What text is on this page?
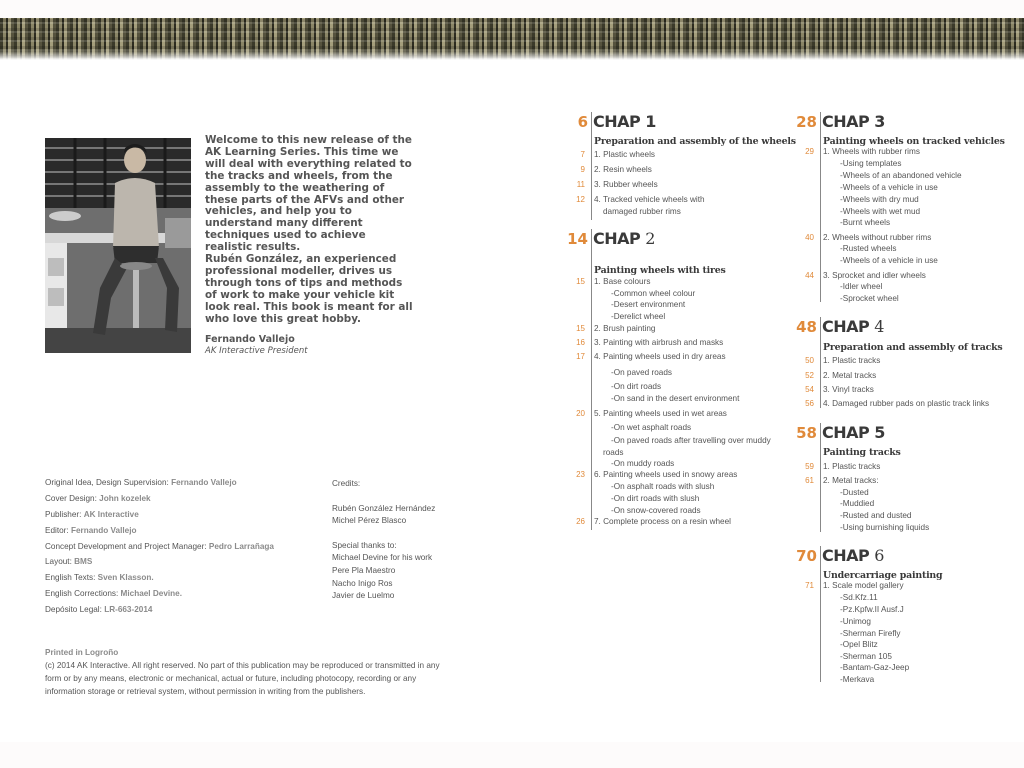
Welcome to this new release of the AK Learning Series. This time we will deal with everything related to the tracks and wheels, from the assembly to the weathering of these parts of the AFVs and other vehicles, and help you to understand many different techniques used to achieve realistic results.

Rubén González, an experienced professional modeller, drives us through tons of tips and methods of work to make your vehicle kit look real. This book is meant for all who love this great hobby.

Fernando Vallejo
AK Interactive President
Original Idea, Design Supervision: Fernando Vallejo
Cover Design: John kozelek
Publisher: AK Interactive
Editor: Fernando Vallejo
Concept Development and Project Manager: Pedro Larrañaga
Layout: BMS
English Texts: Sven Klasson.
English Corrections: Michael Devine.
Depósito Legal: LR-663-2014
Credits:
Rubén González Hernández
Michel Pérez Blasco
Special thanks to:
Michael Devine for his work
Pere Pla Maestro
Nacho Inigo Ros
Javier de Luelmo
Printed in Logroño
(c) 2014 AK Interactive. All right reserved. No part of this publication may be reproduced or transmitted in any form or by any means, electronic or mechanical, actual or future, including photocopy, recording or any information storage or retrieval system, without permission in writing from the publishers.
6 CHAP 1
Preparation and assembly of the wheels
7 1. Plastic wheels
9 2. Resin wheels
11 3. Rubber wheels
12 4. Tracked vehicle wheels with
damaged rubber rims
14 CHAP 2
Painting wheels with tires
15 1. Base colours
-Common wheel colour
-Desert environment
-Derelict wheel
15 2. Brush painting
16 3. Painting with airbrush and masks
17 4. Painting wheels used in dry areas
-On paved roads
-On dirt roads
-On sand in the desert environment
20 5. Painting wheels used in wet areas
-On wet asphalt roads
-On paved roads after travelling over muddy
roads
-On muddy roads
23 6. Painting wheels used in snowy areas
-On asphalt roads with slush
-On dirt roads with slush
-On snow-covered roads
26 7. Complete process on a resin wheel
28 CHAP 3
Painting wheels on tracked vehicles
29 1. Wheels with rubber rims
-Using templates
-Wheels of an abandoned vehicle
-Wheels of a vehicle in use
-Wheels with dry mud
-Wheels with wet mud
-Burnt wheels
40 2. Wheels without rubber rims
-Rusted wheels
-Wheels of a vehicle in use
44 3. Sprocket and idler wheels
-Idler wheel
-Sprocket wheel
48 CHAP 4
Preparation and assembly of tracks
50 1. Plastic tracks
52 2. Metal tracks
54 3. Vinyl tracks
56 4. Damaged rubber pads on plastic track links
58 CHAP 5
Painting tracks
59 1. Plastic tracks
61 2. Metal tracks:
-Dusted
-Muddied
-Rusted and dusted
-Using burnishing liquids
70 CHAP 6
Undercarriage painting
71 1. Scale model gallery
-Sd.Kfz.11
-Pz.Kpfw.II Ausf.J
-Unimog
-Sherman Firefly
-Opel Blitz
-Sherman 105
-Bantam-Gaz-Jeep
-Merkava
